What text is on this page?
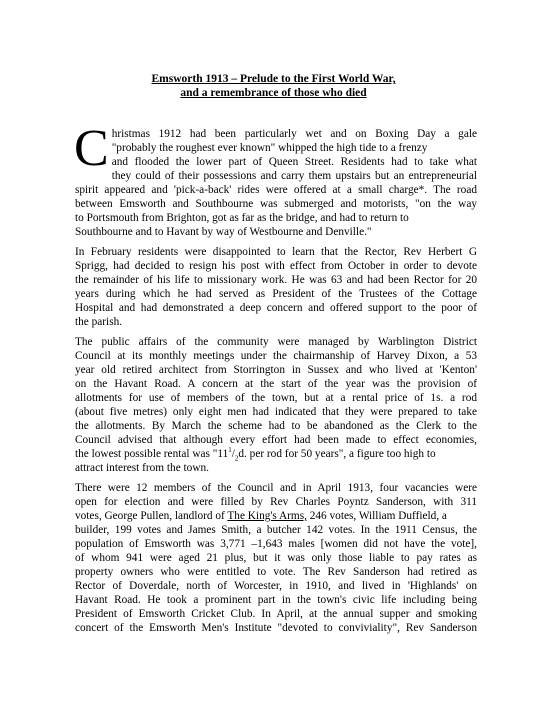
Emsworth 1913 – Prelude to the First World War,
and a remembrance of those who died
C hristmas 1912 had been particularly wet and on Boxing Day a gale
"probably the roughest ever known" whipped the high tide to a frenzy
and flooded the lower part of Queen Street. Residents had to take what
they could of their possessions and carry them upstairs but an entrepreneurial
spirit appeared and 'pick-a-back' rides were offered at a small charge*. The road
between Emsworth and Southbourne was submerged and motorists, "on the way
to Portsmouth from Brighton, got as far as the bridge, and had to return to
Southbourne and to Havant by way of Westbourne and Denville."
In February residents were disappointed to learn that the Rector, Rev Herbert G
Sprigg, had decided to resign his post with effect from October in order to devote
the remainder of his life to missionary work. He was 63 and had been Rector for 20
years during which he had served as President of the Trustees of the Cottage
Hospital and had demonstrated a deep concern and offered support to the poor of
the parish.
The public affairs of the community were managed by Warblington District
Council at its monthly meetings under the chairmanship of Harvey Dixon, a 53
year old retired architect from Storrington in Sussex and who lived at 'Kenton'
on the Havant Road. A concern at the start of the year was the provision of
allotments for use of members of the town, but at a rental price of 1s. a rod
(about five metres) only eight men had indicated that they were prepared to take
the allotments. By March the scheme had to be abandoned as the Clerk to the
Council advised that although every effort had been made to effect economies,
the lowest possible rental was "$11^1/_2d$. per rod for 50 years", a figure too high to
attract interest from the town.
There were 12 members of the Council and in April 1913, four vacancies were
open for election and were filled by Rev Charles Poyntz Sanderson, with 311
votes, George Pullen, landlord of The King's Arms, 246 votes, William Duffield, a
builder, 199 votes and James Smith, a butcher 142 votes. In the 1911 Census, the
population of Emsworth was 3,771 –1,643 males [women did not have the vote],
of whom 941 were aged 21 plus, but it was only those liable to pay rates as
property owners who were entitled to vote. The Rev Sanderson had retired as
Rector of Doverdale, north of Worcester, in 1910, and lived in 'Highlands' on
Havant Road. He took a prominent part in the town's civic life including being
President of Emsworth Cricket Club. In April, at the annual supper and smoking
concert of the Emsworth Men's Institute "devoted to conviviality", Rev Sanderson
